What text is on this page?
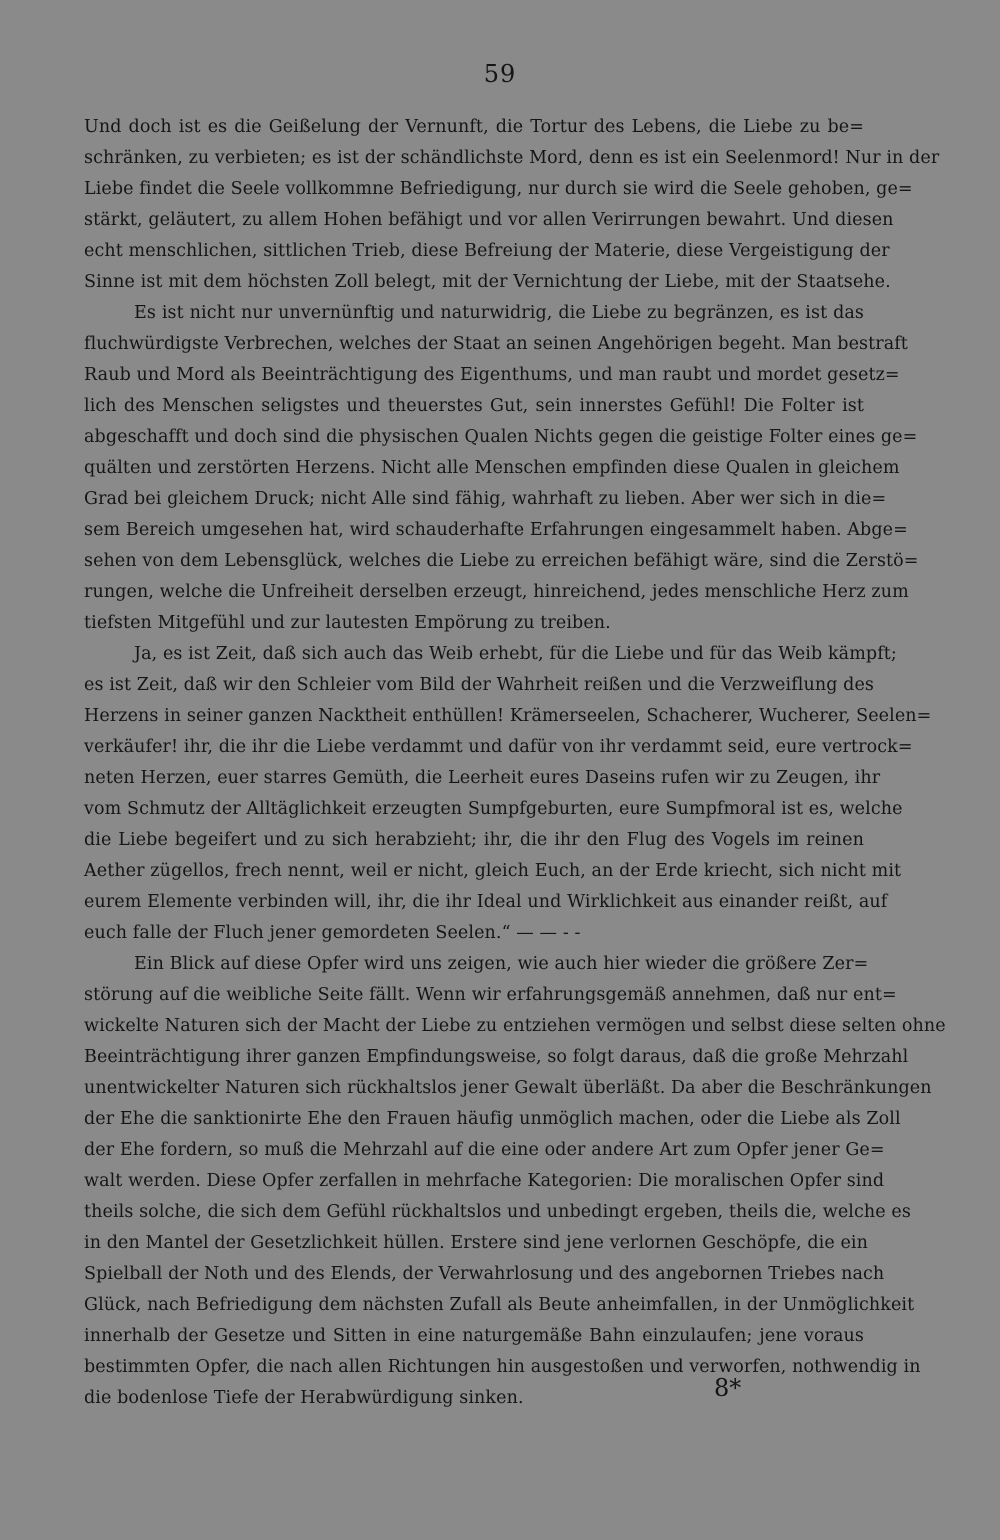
59
Und doch ist es die Geißelung der Vernunft, die Tortur des Lebens, die Liebe zu be=
schränken, zu verbieten; es ist der schändlichste Mord, denn es ist ein Seelenmord! Nur in der
Liebe findet die Seele vollkommne Befriedigung, nur durch sie wird die Seele gehoben, ge=
stärkt, geläutert, zu allem Hohen befähigt und vor allen Verirrungen bewahrt. Und diesen
echt menschlichen, sittlichen Trieb, diese Befreiung der Materie, diese Vergeistigung der
Sinne ist mit dem höchsten Zoll belegt, mit der Vernichtung der Liebe, mit der Staatsehe.
Es ist nicht nur unvernünftig und naturwidrig, die Liebe zu begränzen, es ist das
fluchwürdigste Verbrechen, welches der Staat an seinen Angehörigen begeht. Man bestraft
Raub und Mord als Beeinträchtigung des Eigenthums, und man raubt und mordet gesetz=
lich des Menschen seligstes und theuerstes Gut, sein innerstes Gefühl! Die Folter ist
abgeschafft und doch sind die physischen Qualen Nichts gegen die geistige Folter eines ge=
quälten und zerstörten Herzens. Nicht alle Menschen empfinden diese Qualen in gleichem
Grad bei gleichem Druck; nicht Alle sind fähig, wahrhaft zu lieben. Aber wer sich in die=
sem Bereich umgesehen hat, wird schauderhafte Erfahrungen eingesammelt haben. Abge=
sehen von dem Lebensglück, welches die Liebe zu erreichen befähigt wäre, sind die Zerstö=
rungen, welche die Unfreiheit derselben erzeugt, hinreichend, jedes menschliche Herz zum
tiefsten Mitgefühl und zur lautesten Empörung zu treiben.
Ja, es ist Zeit, daß sich auch das Weib erhebt, für die Liebe und für das Weib kämpft;
es ist Zeit, daß wir den Schleier vom Bild der Wahrheit reißen und die Verzweiflung des
Herzens in seiner ganzen Nacktheit enthüllen! Krämerseelen, Schacherer, Wucherer, Seelen=
verkäufer! ihr, die ihr die Liebe verdammt und dafür von ihr verdammt seid, eure vertrock=
neten Herzen, euer starres Gemüth, die Leerheit eures Daseins rufen wir zu Zeugen, ihr
vom Schmutz der Alltäglichkeit erzeugten Sumpfgeburten, eure Sumpfmoral ist es, welche
die Liebe begeifert und zu sich herabzieht; ihr, die ihr den Flug des Vogels im reinen
Aether zügellos, frech nennt, weil er nicht, gleich Euch, an der Erde kriecht, sich nicht mit
eurem Elemente verbinden will, ihr, die ihr Ideal und Wirklichkeit aus einander reißt, auf
euch falle der Fluch jener gemordeten Seelen.“ — — - -
Ein Blick auf diese Opfer wird uns zeigen, wie auch hier wieder die größere Zer=
störung auf die weibliche Seite fällt. Wenn wir erfahrungsgemäß annehmen, daß nur ent=
wickelte Naturen sich der Macht der Liebe zu entziehen vermögen und selbst diese selten ohne
Beeinträchtigung ihrer ganzen Empfindungsweise, so folgt daraus, daß die große Mehrzahl
unentwickelter Naturen sich rückhaltslos jener Gewalt überläßt. Da aber die Beschränkungen
der Ehe die sanktionirte Ehe den Frauen häufig unmöglich machen, oder die Liebe als Zoll
der Ehe fordern, so muß die Mehrzahl auf die eine oder andere Art zum Opfer jener Ge=
walt werden. Diese Opfer zerfallen in mehrfache Kategorien: Die moralischen Opfer sind
theils solche, die sich dem Gefühl rückhaltslos und unbedingt ergeben, theils die, welche es
in den Mantel der Gesetzlichkeit hüllen. Erstere sind jene verlornen Geschöpfe, die ein
Spielball der Noth und des Elends, der Verwahrlosung und des angebornen Triebes nach
Glück, nach Befriedigung dem nächsten Zufall als Beute anheimfallen, in der Unmöglichkeit
innerhalb der Gesetze und Sitten in eine naturgemäße Bahn einzulaufen; jene voraus
bestimmten Opfer, die nach allen Richtungen hin ausgestoßen und verworfen, nothwendig in
die bodenlose Tiefe der Herabwürdigung sinken.	8*
